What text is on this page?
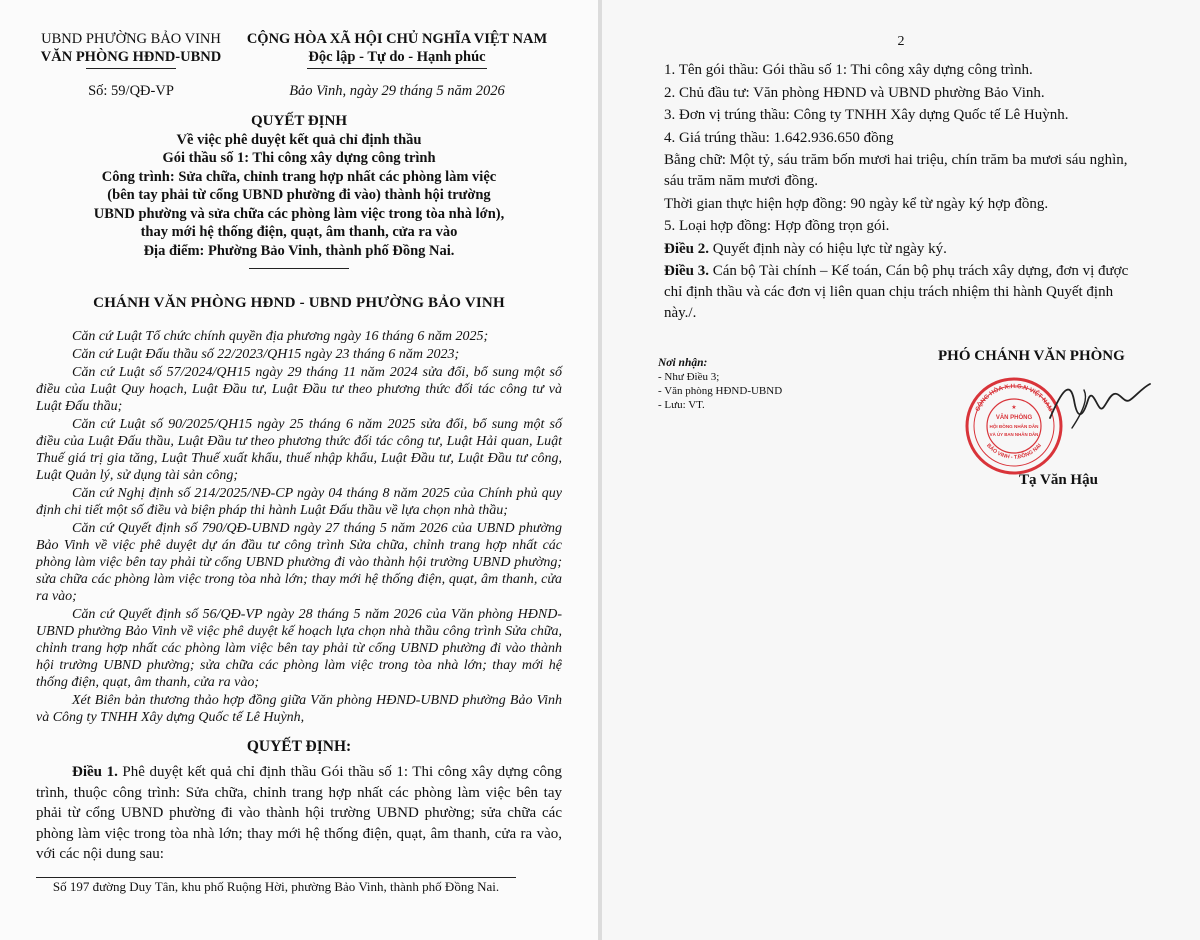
UBND PHƯỜNG BẢO VINH
VĂN PHÒNG HĐND-UBND
CỘNG HÒA XÃ HỘI CHỦ NGHĨA VIỆT NAM
Độc lập - Tự do - Hạnh phúc
Số: 59/QĐ-VP	Bảo Vinh, ngày 29 tháng 5 năm 2026
QUYẾT ĐỊNH
Về việc phê duyệt kết quả chỉ định thầu
Gói thầu số 1: Thi công xây dựng công trình
Công trình: Sửa chữa, chỉnh trang hợp nhất các phòng làm việc
(bên tay phải từ cổng UBND phường đi vào) thành hội trường
UBND phường và sửa chữa các phòng làm việc trong tòa nhà lớn),
thay mới hệ thống điện, quạt, âm thanh, cửa ra vào
Địa điểm: Phường Bảo Vinh, thành phố Đồng Nai.
CHÁNH VĂN PHÒNG HĐND - UBND PHƯỜNG BẢO VINH

Căn cứ Luật Tổ chức chính quyền địa phương ngày 16 tháng 6 năm 2025;

Căn cứ Luật Đấu thầu số 22/2023/QH15 ngày 23 tháng 6 năm 2023;

Căn cứ Luật số 57/2024/QH15 ngày 29 tháng 11 năm 2024 sửa đổi, bổ sung một số điều của Luật Quy hoạch, Luật Đầu tư, Luật Đầu tư theo phương thức đối tác công tư và Luật Đấu thầu;

Căn cứ Luật số 90/2025/QH15 ngày 25 tháng 6 năm 2025 sửa đổi, bổ sung một số điều của Luật Đấu thầu, Luật Đầu tư theo phương thức đối tác công tư, Luật Hải quan, Luật Thuế giá trị gia tăng, Luật Thuế xuất khẩu, thuế nhập khẩu, Luật Đầu tư, Luật Đầu tư công, Luật Quản lý, sử dụng tài sản công;

Căn cứ Nghị định số 214/2025/NĐ-CP ngày 04 tháng 8 năm 2025 của Chính phủ quy định chi tiết một số điều và biện pháp thi hành Luật Đấu thầu về lựa chọn nhà thầu;

Căn cứ Quyết định số 790/QĐ-UBND ngày 27 tháng 5 năm 2026 của UBND phường Bảo Vinh về việc phê duyệt dự án đầu tư công trình Sửa chữa, chỉnh trang hợp nhất các phòng làm việc bên tay phải từ cổng UBND phường đi vào thành hội trường UBND phường; sửa chữa các phòng làm việc trong tòa nhà lớn; thay mới hệ thống điện, quạt, âm thanh, cửa ra vào;

Căn cứ Quyết định số 56/QĐ-VP ngày 28 tháng 5 năm 2026 của Văn phòng HĐND-UBND phường Bảo Vinh về việc phê duyệt kế hoạch lựa chọn nhà thầu công trình Sửa chữa, chỉnh trang hợp nhất các phòng làm việc bên tay phải từ cổng UBND phường đi vào thành hội trường UBND phường; sửa chữa các phòng làm việc trong tòa nhà lớn; thay mới hệ thống điện, quạt, âm thanh, cửa ra vào;

Xét Biên bản thương thảo hợp đồng giữa Văn phòng HĐND-UBND phường Bảo Vinh và Công ty TNHH Xây dựng Quốc tế Lê Huỳnh,

QUYẾT ĐỊNH:
Điều 1. Phê duyệt kết quả chỉ định thầu Gói thầu số 1: Thi công xây dựng công trình, thuộc công trình: Sửa chữa, chỉnh trang hợp nhất các phòng làm việc bên tay phải từ cổng UBND phường đi vào thành hội trường UBND phường; sửa chữa các phòng làm việc trong tòa nhà lớn; thay mới hệ thống điện, quạt, âm thanh, cửa ra vào, với các nội dung sau:
Số 197 đường Duy Tân, khu phố Ruộng Hời, phường Bảo Vinh, thành phố Đồng Nai.
2

1. Tên gói thầu: Gói thầu số 1: Thi công xây dựng công trình.

2. Chủ đầu tư: Văn phòng HĐND và UBND phường Bảo Vinh.

3. Đơn vị trúng thầu: Công ty TNHH Xây dựng Quốc tế Lê Huỳnh.

4. Giá trúng thầu: 1.642.936.650 đồng

Bằng chữ: Một tỷ, sáu trăm bốn mươi hai triệu, chín trăm ba mươi sáu nghìn, sáu trăm năm mươi đồng.

Thời gian thực hiện hợp đồng: 90 ngày kể từ ngày ký hợp đồng.

5. Loại hợp đồng: Hợp đồng trọn gói.

Điều 2. Quyết định này có hiệu lực từ ngày ký.

Điều 3. Cán bộ Tài chính – Kế toán, Cán bộ phụ trách xây dựng, đơn vị được chỉ định thầu và các đơn vị liên quan chịu trách nhiệm thi hành Quyết định này./.

Nơi nhận:
- Như Điều 3;
- Văn phòng HĐND-UBND
- Lưu: VT.
PHÓ CHÁNH VĂN PHÒNG
CỘNG HÒA X.H.C.N VIỆT NAM
BẢO VINH - T.ĐỒNG NAI
VĂN PHÒNG
HỘI ĐỒNG NHÂN DÂN
VÀ ỦY BAN NHÂN DÂN
★
Tạ Văn Hậu
